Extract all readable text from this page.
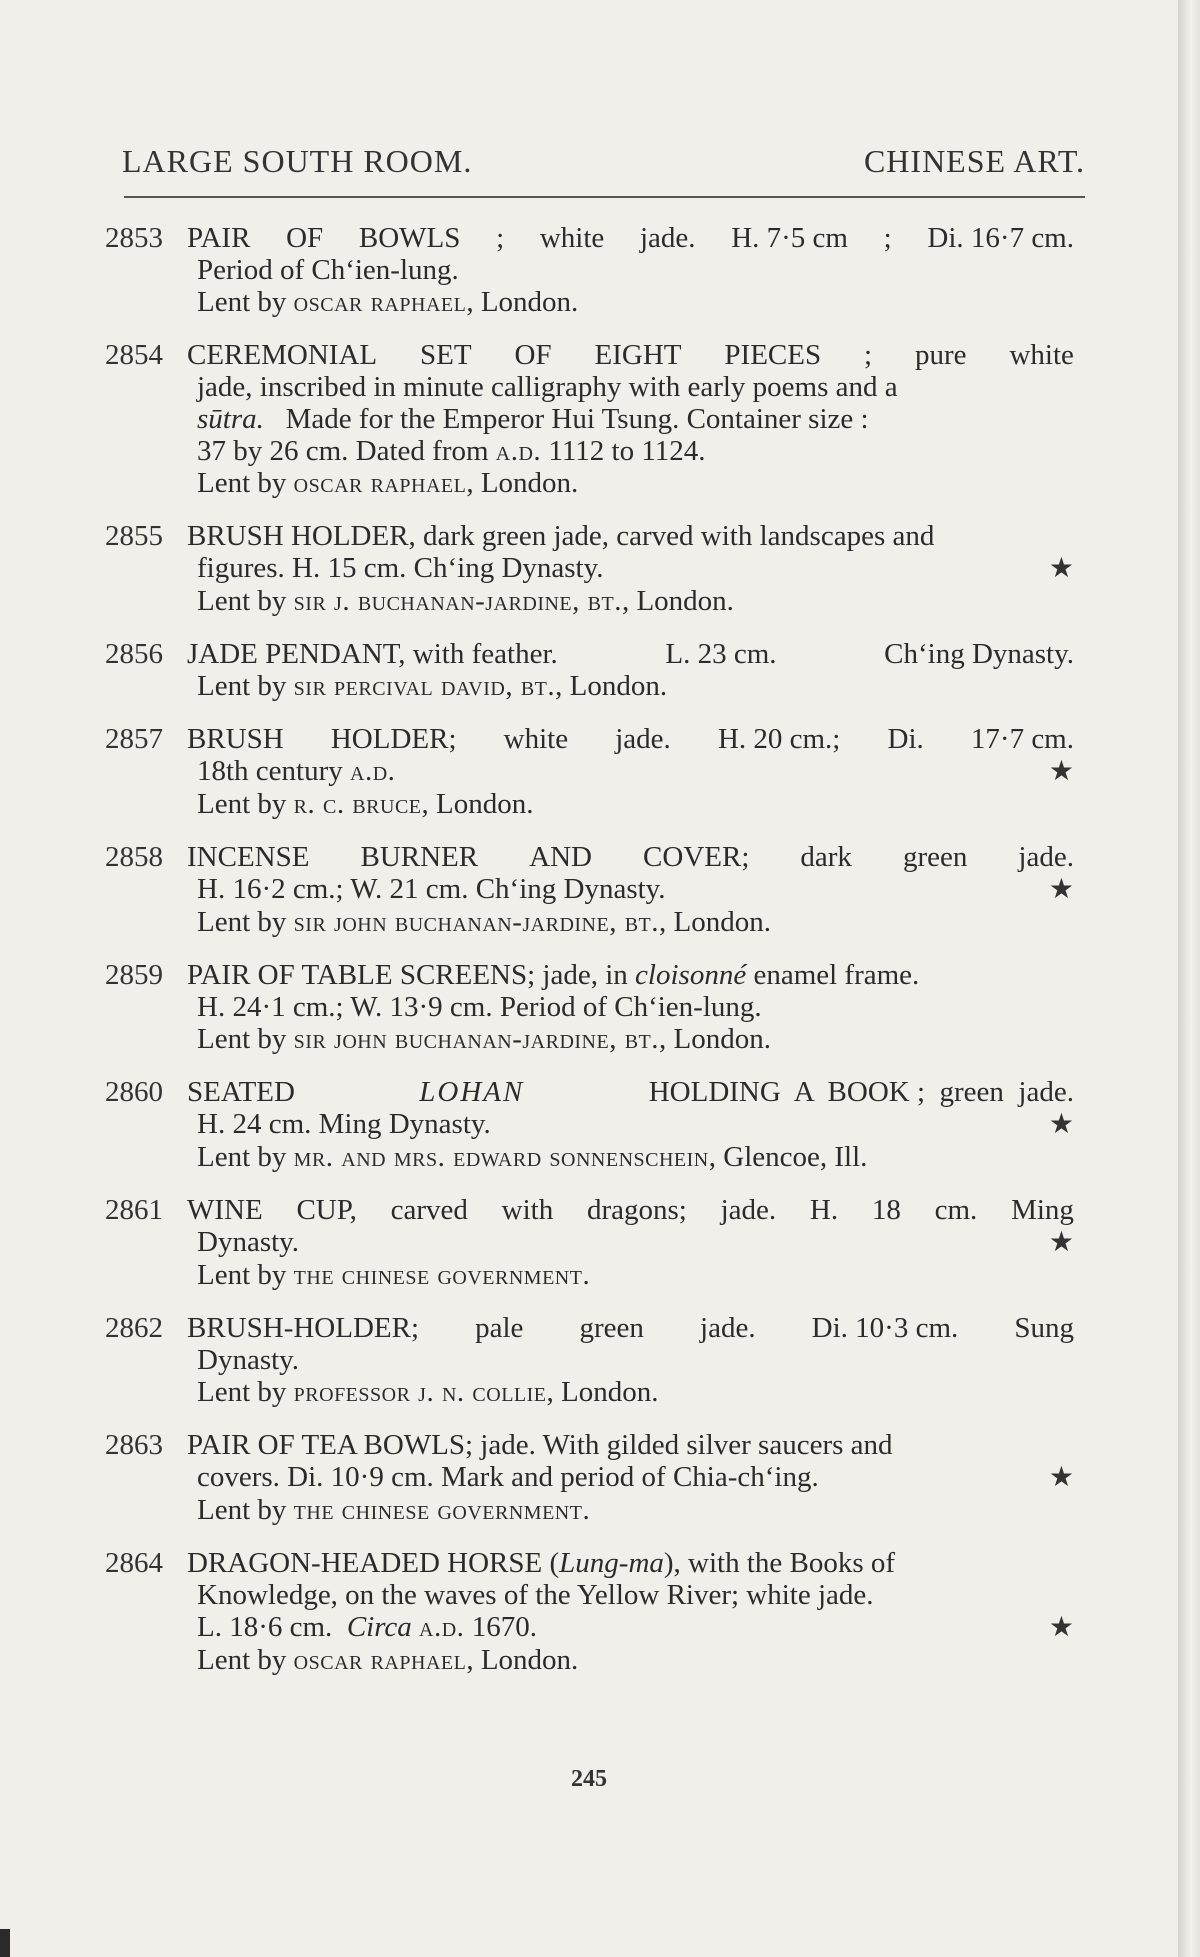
LARGE SOUTH ROOM.	CHINESE ART.
2853 PAIR OF BOWLS ; white jade. H. 7·5 cm ; Di. 16·7 cm.
Period of Ch‘ien-lung.
Lent by oscar raphael, London.
2854 CEREMONIAL SET OF EIGHT PIECES ; pure white
jade, inscribed in minute calligraphy with early poems and a
sūtra. Made for the Emperor Hui Tsung. Container size :
37 by 26 cm. Dated from a.d. 1112 to 1124.
Lent by oscar raphael, London.
2855 BRUSH HOLDER, dark green jade, carved with landscapes and
figures. H. 15 cm. Ch‘ing Dynasty.	★
Lent by sir j. buchanan-jardine, bt., London.
2856 JADE PENDANT, with feather.	L. 23 cm.	Ch‘ing Dynasty.
Lent by sir percival david, bt., London.
2857 BRUSH HOLDER; white jade. H. 20 cm.; Di. 17·7 cm.
18th century a.d.	★
Lent by r. c. bruce, London.
2858 INCENSE BURNER AND COVER; dark green jade.
H. 16·2 cm.; W. 21 cm. Ch‘ing Dynasty.	★
Lent by sir john buchanan-jardine, bt., London.
2859 PAIR OF TABLE SCREENS; jade, in cloisonné enamel frame.
H. 24·1 cm.; W. 13·9 cm. Period of Ch‘ien-lung.
Lent by sir john buchanan-jardine, bt., London.
2860 SEATED	LOHAN	HOLDING  A  BOOK ;  green  jade.
H. 24 cm. Ming Dynasty.	★
Lent by mr. and mrs. edward sonnenschein, Glencoe, Ill.
2861 WINE CUP, carved with dragons; jade. H. 18 cm. Ming
Dynasty.	★
Lent by the chinese government.
2862 BRUSH-HOLDER; pale green jade. Di. 10·3 cm. Sung
Dynasty.
Lent by professor j. n. collie, London.
2863 PAIR OF TEA BOWLS; jade. With gilded silver saucers and
covers. Di. 10·9 cm. Mark and period of Chia-ch‘ing.	★
Lent by the chinese government.
2864 DRAGON-HEADED HORSE (Lung-ma), with the Books of
Knowledge, on the waves of the Yellow River; white jade.
L. 18·6 cm. Circa a.d. 1670.	★
Lent by oscar raphael, London.
245
